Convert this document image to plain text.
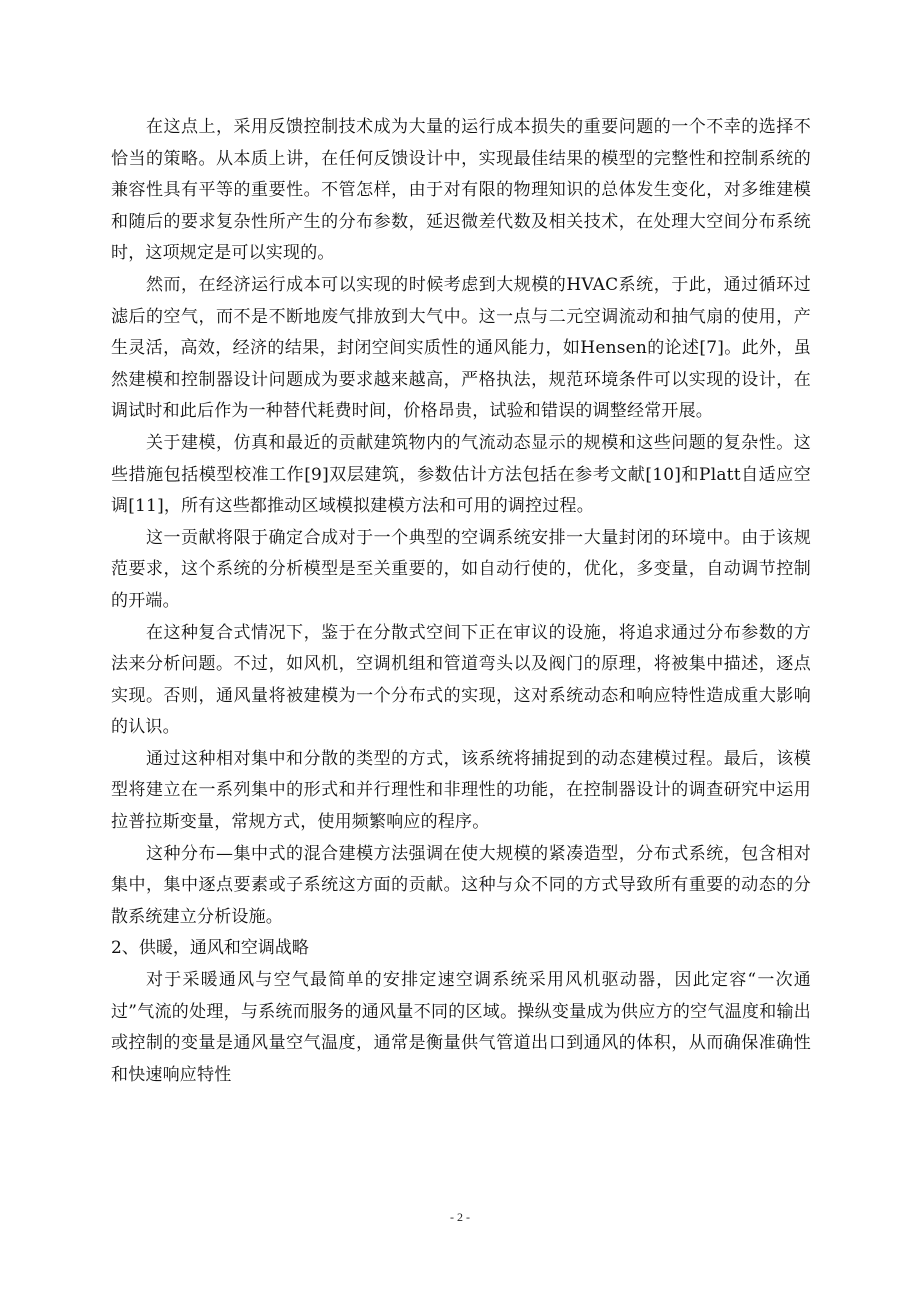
在这点上，采用反馈控制技术成为大量的运行成本损失的重要问题的一个不幸的选择不恰当的策略。从本质上讲，在任何反馈设计中，实现最佳结果的模型的完整性和控制系统的兼容性具有平等的重要性。不管怎样，由于对有限的物理知识的总体发生变化，对多维建模和随后的要求复杂性所产生的分布参数，延迟微差代数及相关技术，在处理大空间分布系统时，这项规定是可以实现的。

然而，在经济运行成本可以实现的时候考虑到大规模的HVAC系统，于此，通过循环过滤后的空气，而不是不断地废气排放到大气中。这一点与二元空调流动和抽气扇的使用，产生灵活，高效，经济的结果，封闭空间实质性的通风能力，如Hensen的论述[7]。此外，虽然建模和控制器设计问题成为要求越来越高，严格执法，规范环境条件可以实现的设计，在调试时和此后作为一种替代耗费时间，价格昂贵，试验和错误的调整经常开展。

关于建模，仿真和最近的贡献建筑物内的气流动态显示的规模和这些问题的复杂性。这些措施包括模型校准工作[9]双层建筑，参数估计方法包括在参考文献[10]和Platt自适应空调[11]，所有这些都推动区域模拟建模方法和可用的调控过程。

这一贡献将限于确定合成对于一个典型的空调系统安排一大量封闭的环境中。由于该规范要求，这个系统的分析模型是至关重要的，如自动行使的，优化，多变量，自动调节控制的开端。

在这种复合式情况下，鉴于在分散式空间下正在审议的设施，将追求通过分布参数的方法来分析问题。不过，如风机，空调机组和管道弯头以及阀门的原理，将被集中描述，逐点实现。否则，通风量将被建模为一个分布式的实现，这对系统动态和响应特性造成重大影响的认识。

通过这种相对集中和分散的类型的方式，该系统将捕捉到的动态建模过程。最后，该模型将建立在一系列集中的形式和并行理性和非理性的功能，在控制器设计的调查研究中运用拉普拉斯变量，常规方式，使用频繁响应的程序。

这种分布—集中式的混合建模方法强调在使大规模的紧凑造型，分布式系统，包含相对集中，集中逐点要素或子系统这方面的贡献。这种与众不同的方式导致所有重要的动态的分散系统建立分析设施。

2、供暖，通风和空调战略

对于采暖通风与空气最简单的安排定速空调系统采用风机驱动器，因此定容“一次通过”气流的处理，与系统而服务的通风量不同的区域。操纵变量成为供应方的空气温度和输出或控制的变量是通风量空气温度，通常是衡量供气管道出口到通风的体积，从而确保准确性和快速响应特性

- 2 -
